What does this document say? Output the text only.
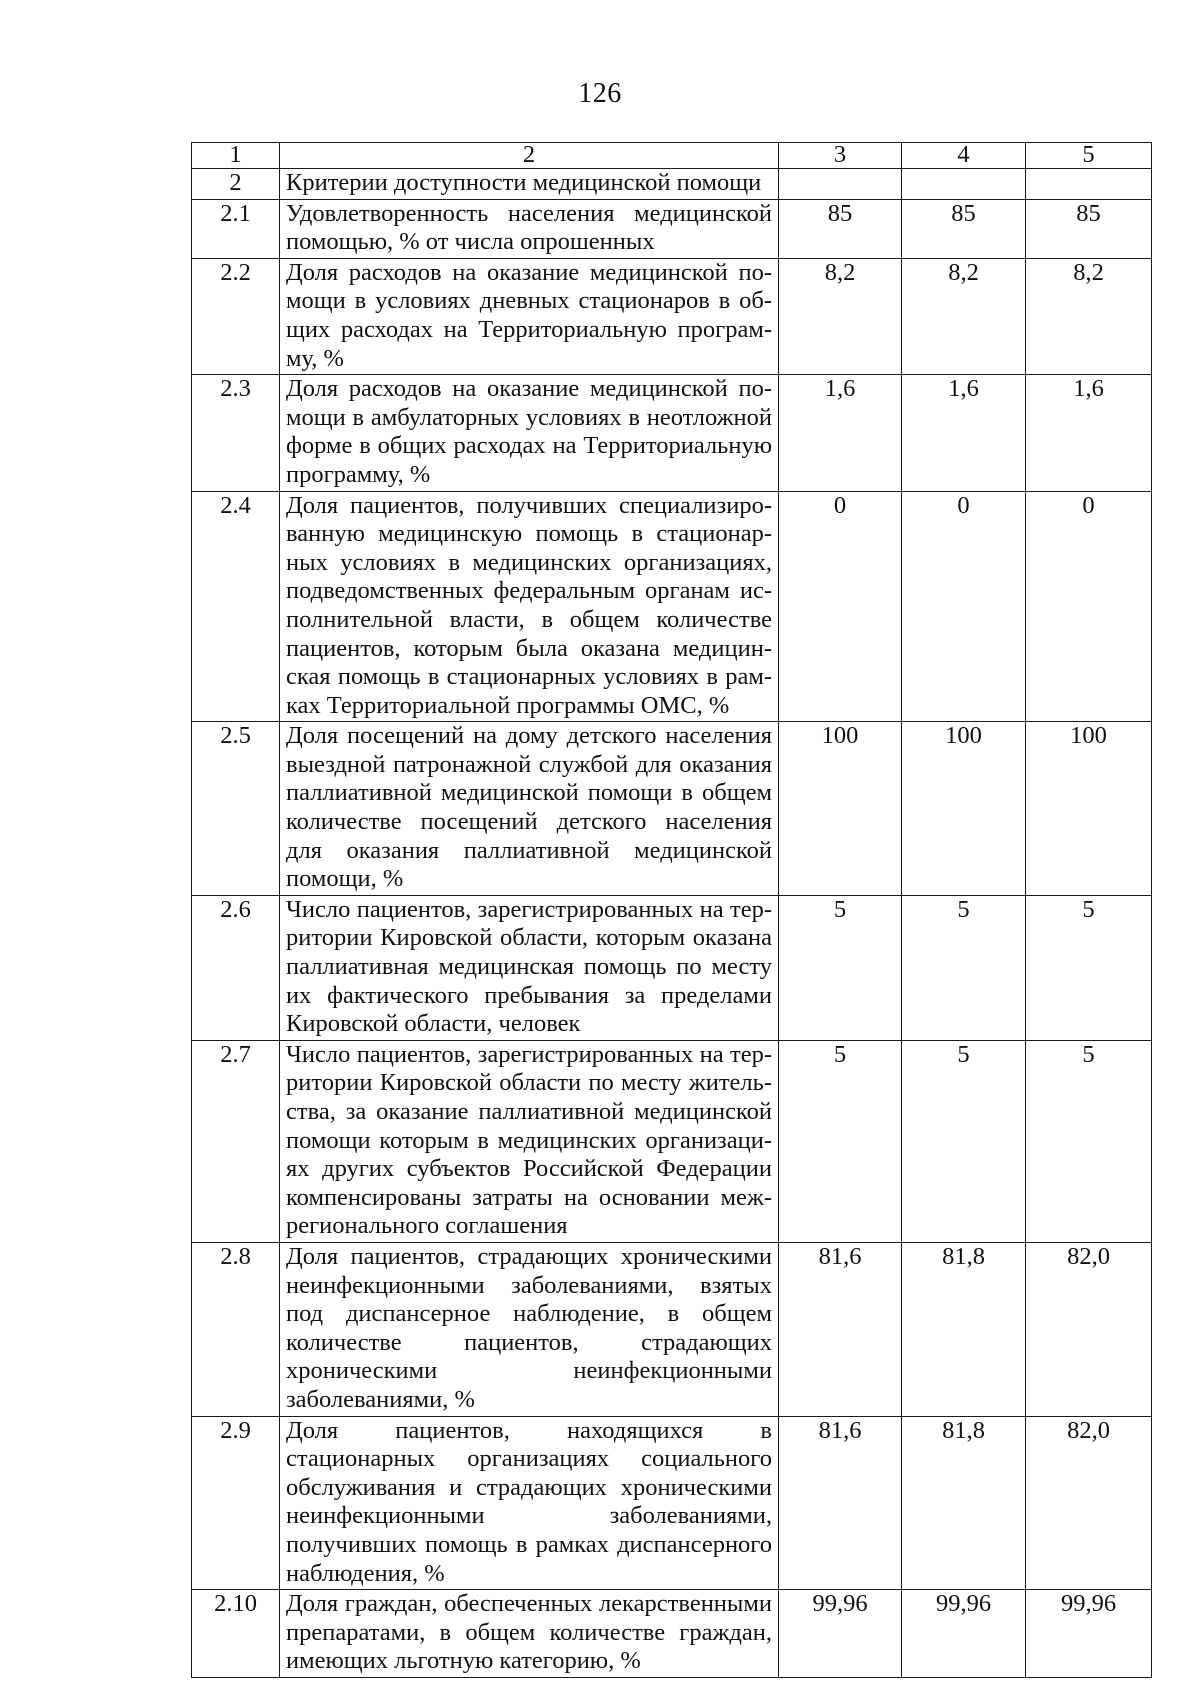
126
1	2	3	4	5
2	Критерии доступности медицинской помощи			
2.1	Удовлетворенность населения медицинской помощью, % от числа опрошенных	85	85	85
2.2	Доля расходов на оказание медицинской помощи в условиях дневных стационаров в общих расходах на Территориальную программу, %	8,2	8,2	8,2
2.3	Доля расходов на оказание медицинской помощи в амбулаторных условиях в неотложной форме в общих расходах на Территориальную программу, %	1,6	1,6	1,6
2.4	Доля пациентов, получивших специализированную медицинскую помощь в стационарных условиях в медицинских организациях, подведомственных федеральным органам исполнительной власти, в общем количестве пациентов, которым была оказана медицинская помощь в стационарных условиях в рамках Территориальной программы ОМС, %	0	0	0
2.5	Доля посещений на дому детского населения выездной патронажной службой для оказания паллиативной медицинской помощи в общем количестве посещений детского населения для оказания паллиативной медицинской помощи, %	100	100	100
2.6	Число пациентов, зарегистрированных на территории Кировской области, которым оказана паллиативная медицинская помощь по месту их фактического пребывания за пределами Кировской области, человек	5	5	5
2.7	Число пациентов, зарегистрированных на территории Кировской области по месту жительства, за оказание паллиативной медицинской помощи которым в медицинских организациях других субъектов Российской Федерации компенсированы затраты на основании межрегионального соглашения	5	5	5
2.8	Доля пациентов, страдающих хроническими неинфекционными заболеваниями, взятых под диспансерное наблюдение, в общем количестве пациентов, страдающих хроническими неинфекционными заболеваниями, %	81,6	81,8	82,0
2.9	Доля пациентов, находящихся в стационарных организациях социального обслуживания и страдающих хроническими неинфекционными заболеваниями, получивших помощь в рамках диспансерного наблюдения, %	81,6	81,8	82,0
2.10	Доля граждан, обеспеченных лекарственными препаратами, в общем количестве граждан, имеющих льготную категорию, %	99,96	99,96	99,96
